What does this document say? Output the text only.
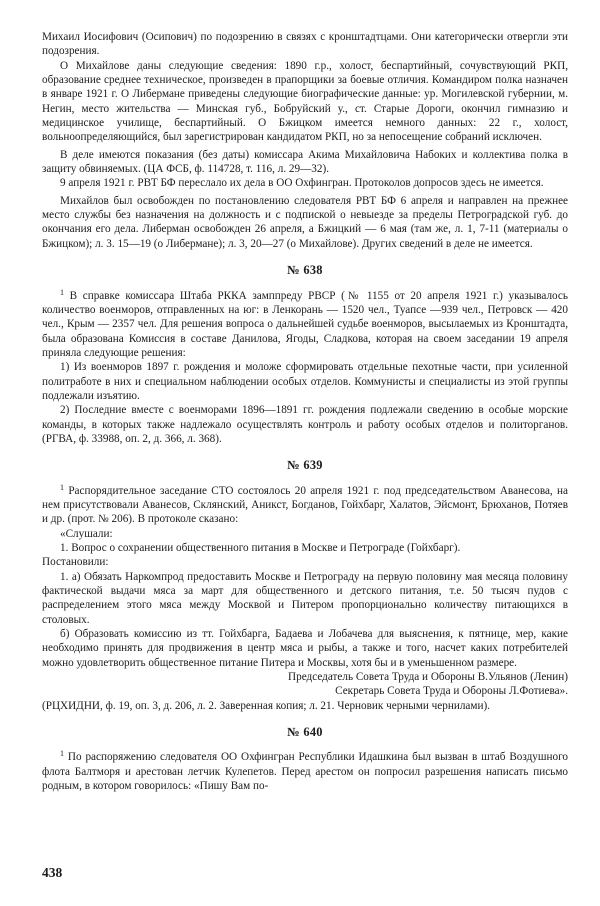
Михаил Иосифович (Осипович) по подозрению в связях с кронштадтцами. Они категорически отвергли эти подозрения.

О Михайлове даны следующие сведения: 1890 г.р., холост, беспартийный, сочувствующий РКП, образование среднее техническое, произведен в прапорщики за боевые отличия. Командиром полка назначен в январе 1921 г. О Либермане приведены следующие биографические данные: ур. Могилевской губернии, м. Негин, место жительства — Минская губ., Бобруйский у., ст. Старые Дороги, окончил гимназию и медицинское училище, беспартийный. О Бжицком имеется немного данных: 22 г., холост, вольноопределяющийся, был зарегистрирован кандидатом РКП, но за непосещение собраний исключен.

В деле имеются показания (без даты) комиссара Акима Михайловича Набоких и коллектива полка в защиту обвиняемых. (ЦА ФСБ, ф. 114728, т. 116, л. 29—32).

9 апреля 1921 г. РВТ БФ переслало их дела в ОО Охфингран. Протоколов допросов здесь не имеется.

Михайлов был освобожден по постановлению следователя РВТ БФ 6 апреля и направлен на прежнее место службы без назначения на должность и с подпиской о невыезде за пределы Петроградской губ. до окончания его дела. Либерман освобожден 26 апреля, а Бжицкий — 6 мая (там же, л. 1, 7-11 (материалы о Бжицком); л. 3. 15—19 (о Либермане); л. 3, 20—27 (о Михайлове). Других сведений в деле не имеется.

№ 638

$^1$ В справке комиссара Штаба РККА замппреду РВСР (№ 1155 от 20 апреля 1921 г.) указывалось количество военморов, отправленных на юг: в Ленкорань — 1520 чел., Туапсе —939 чел., Петровск — 420 чел., Крым — 2357 чел. Для решения вопроса о дальнейшей судьбе военморов, высылаемых из Кронштадта, была образована Комиссия в составе Данилова, Ягоды, Сладкова, которая на своем заседании 19 апреля приняла следующие решения:

1) Из военморов 1897 г. рождения и моложе сформировать отдельные пехотные части, при усиленной политработе в них и специальном наблюдении особых отделов. Коммунисты и специалисты из этой группы подлежали изъятию.

2) Последние вместе с военморами 1896—1891 гг. рождения подлежали сведению в особые морские команды, в которых также надлежало осуществлять контроль и работу особых отделов и политорганов. (РГВА, ф. 33988, оп. 2, д. 366, л. 368).

№ 639

$^1$ Распорядительное заседание СТО состоялось 20 апреля 1921 г. под председательством Аванесова, на нем присутствовали Аванесов, Склянский, Аникст, Богданов, Гойхбарг, Халатов, Эйсмонт, Брюханов, Потяев и др. (прот. № 206). В протоколе сказано:

«Слушали:

1. Вопрос о сохранении общественного питания в Москве и Петрограде (Гойхбарг).

Постановили:

1. а) Обязать Наркомпрод предоставить Москве и Петрограду на первую половину мая месяца половину фактической выдачи мяса за март для общественного и детского питания, т.е. 50 тысяч пудов с распределением этого мяса между Москвой и Питером пропорционально количеству питающихся в столовых.

б) Образовать комиссию из тт. Гойхбарга, Бадаева и Лобачева для выяснения, к пятнице, мер, какие необходимо принять для продвижения в центр мяса и рыбы, а также и того, насчет каких потребителей можно удовлетворить общественное питание Питера и Москвы, хотя бы и в уменьшенном размере.

Председатель Совета Труда и Обороны В.Ульянов (Ленин)

Секретарь Совета Труда и Обороны Л.Фотиева».

(РЦХИДНИ, ф. 19, оп. 3, д. 206, л. 2. Заверенная копия; л. 21. Черновик черными чернилами).

№ 640

$^1$ По распоряжению следователя ОО Охфингран Республики Идашкина был вызван в штаб Воздушного флота Балтморя и арестован летчик Кулепетов. Перед арестом он попросил разрешения написать письмо родным, в котором говорилось: «Пишу Вам по-

438
